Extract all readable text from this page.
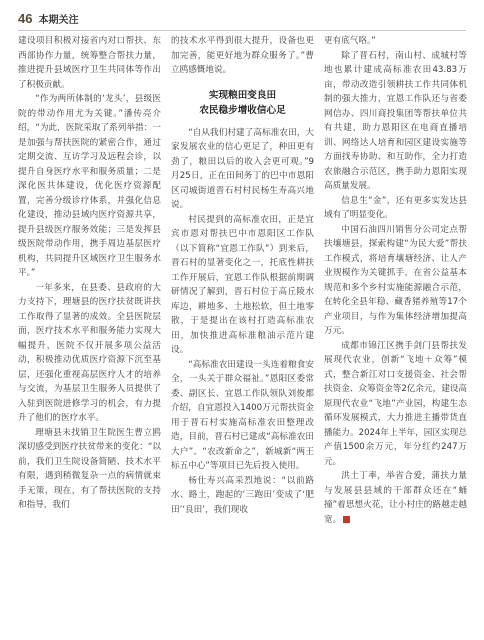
46 本期关注

建设项目积极对接省内对口帮扶、东西部协作力量，统筹整合帮扶力量，推进提升县域医疗卫生共同体等作出了积极贡献。

“作为两所体制的‘龙头’，县级医院的带动作用尤为关键。”潘传亮介绍，“为此，医院采取了系列举措：一是加强与帮扶医院的紧密合作，通过定期交流、互访学习及远程会诊，以提升自身医疗水平和服务质量；二是深化医共体建设，优化医疗资源配置，完善分级诊疗体系，并强化信息化建设，推动县域内医疗资源共享，提升县级医疗服务效能；三是发挥县级医院带动作用，携手周边基层医疗机构，共同提升区域医疗卫生服务水平。”

一年多来，在县委、县政府的大力支持下，理塘县的医疗扶贫既讲扶工作取得了显著的成效。全县医院层面，医疗技术水平和服务能力实现大幅提升，医院不仅开展多项公益活动，积极推动优质医疗资源下沉至基层，还强化重视高层医疗人才的培养与交流，为基层卫生服务人员提供了入驻到医院进修学习的机会，有力提升了他们的医疗水平。

理塘县未找销卫生院医生曹立鸥深切感受到医疗扶贫带来的变化：“以前，我们卫生院设备简陋、技术水平有限，遇到稍微复杂一点的病情就束手无策，现在，有了帮扶医院的支持和指导，我们

的技术水平得到很大提升，设备也更加完善，能更好地为群众服务了。”曹立鸥感慨地说。

实现粮田变良田
农民稳步增收信心足

“自从我们村建了高标准农田，大家发展农业的信心更足了，种田更有劲了，粮田以后的收入会更可观。”9月25日，正在田间务丁的巴中市恩阳区司城街道晋石村村民杨生寿高兴地说。

村民提到的高标准农田，正是宜宾市恩对帮扶巴中市恩阳区工作队（以下简称“宜恩工作队”）到来后，晋石村的显著变化之一，托底性耕扶工作开展后，宜恩工作队根据前期调研情况了解到，晋石村位于高丘陵水库边，耕地多、土地松软，但土地零散，于是提出在该村打造高标准农田，加快推进高标准粮油示范片建设。

“高标准农田建设一头连着粮食安全，一头关于群众福祉。”恩阳区委常委、副区长、宜恩工作队领队刘俊都介绍，自宜恩投入1400万元帮扶资金用于晋石村实施高标准农田整理改造，目前，晋石村已建成“高标准农田大户”。“农改新命之”，新城新“两王标五中心”等项目已先后投入使用。

杨仕寿兴高采烈地说：“以前路水、路土，跑起的‘三跑田’变成了‘肥田’‘良田’，我们现收

更有底气咯。”

除了晋石村，南山村、成城村等地也累计建成高标准农田43.83万亩，带动改造引领耕扶工作共同体机制的强大推力，宜恩工作队还与省委网信办、四川商投集团等帮扶单位共有共建，助力恩阳区在电商直播培训、网络达人培育和园区建设实施等方面找寿协助、和互助作，全力打造农旅融合示范区，携手助力恩阳实现高质量发展。

信息生“金”，还有更多实发达县域有了明显变化。

中国石油四川销售分公司定点帮扶壤塘县，探索构建“为民大爱”帮扶工作模式，将培育壤塘经济、让人产业规模作为关键抓手，在省公益基本规范和多个乡村实施能源融合示范，在转化全县年稳、藏香猪养殖等17个产业项目，与作为集体经济增加提高万元。

成都市锦江区携手剑门县帮扶发展现代农业，创新“飞地＋众筹”模式，整合新江对口支援资金、社会帮扶资金、众筹资金等2亿余元，建设高原现代农业“飞地”产业园，构建生态循环发展模式，大力推进主播带货直播能力。2024年上半年，园区实现总产值1500余万元，年分红约247万元。

洪土丁率，举省合爱，蒲扶力量与发展县县域的干部群众还在“蛹撞”着思想火花，让小村庄的路越走越宽。
